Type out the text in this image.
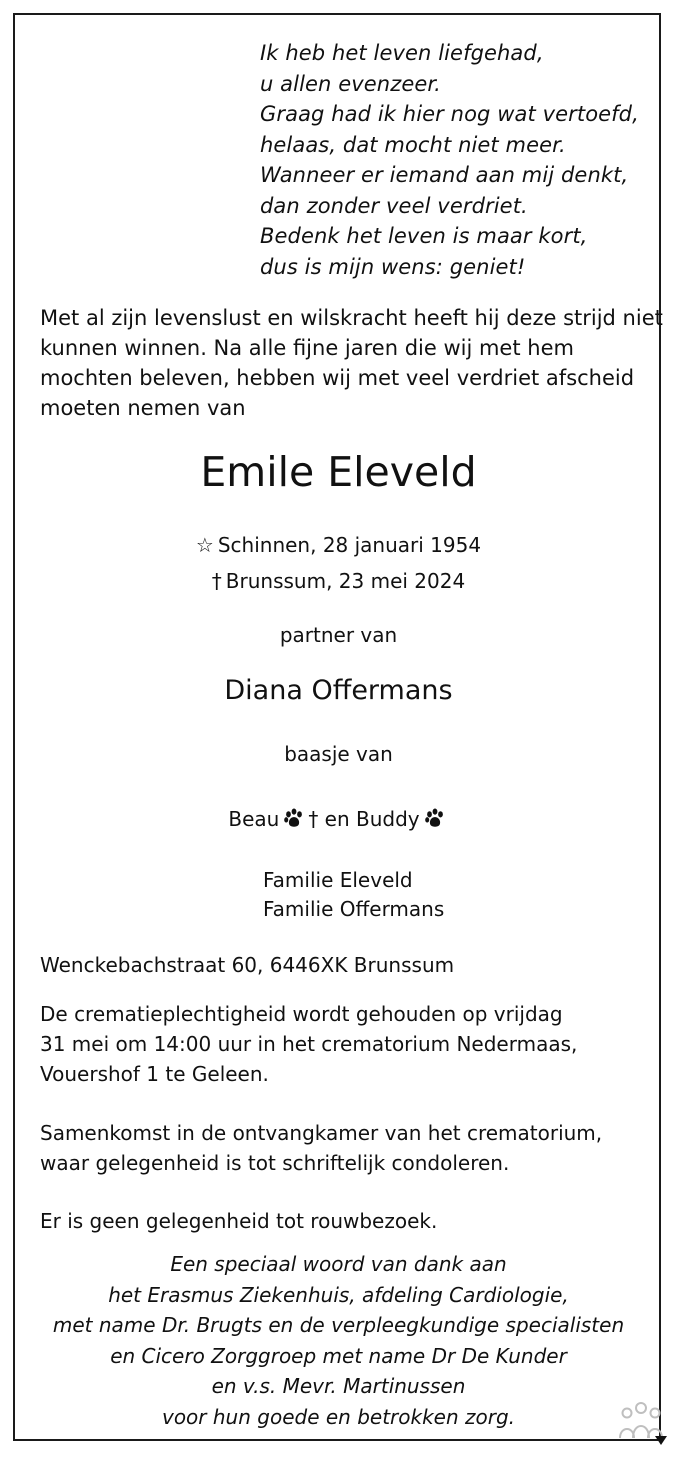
Ik heb het leven liefgehad,
u allen evenzeer.
Graag had ik hier nog wat vertoefd,
helaas, dat mocht niet meer.
Wanneer er iemand aan mij denkt,
dan zonder veel verdriet.
Bedenk het leven is maar kort,
dus is mijn wens: geniet!
Met al zijn levenslust en wilskracht heeft hij deze strijd niet
kunnen winnen. Na alle fijne jaren die wij met hem
mochten beleven, hebben wij met veel verdriet afscheid
moeten nemen van
Emile Eleveld
☆ Schinnen, 28 januari 1954
† Brunssum, 23 mei 2024
partner van
Diana Offermans
baasje van
Beau † en Buddy
Familie Eleveld
Familie Offermans
Wenckebachstraat 60, 6446XK Brunssum
De crematieplechtigheid wordt gehouden op vrijdag
31 mei om 14:00 uur in het crematorium Nedermaas,
Vouershof 1 te Geleen.
Samenkomst in de ontvangkamer van het crematorium,
waar gelegenheid is tot schriftelijk condoleren.
Er is geen gelegenheid tot rouwbezoek.
Een speciaal woord van dank aan
het Erasmus Ziekenhuis, afdeling Cardiologie,
met name Dr. Brugts en de verpleegkundige specialisten
en Cicero Zorggroep met name Dr De Kunder
en v.s. Mevr. Martinussen
voor hun goede en betrokken zorg.
